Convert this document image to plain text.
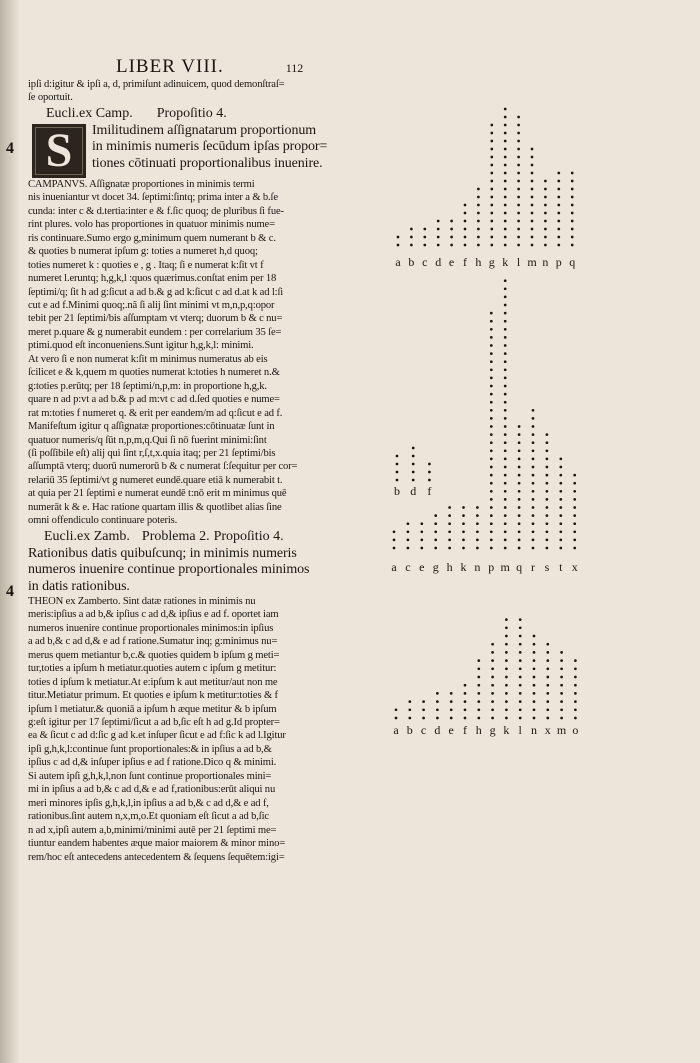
LIBER VIII.	112
ipſi d:igitur & ipſi a, d, primiſunt adinuicem, quod demonſtraſ=
ſe oportuit.
Eucli.ex Camp. Propoſitio 4.
S	Imilitudinem aſſignatarum proportionum
in minimis numeris ſecūdum ipſas propor=
tiones cōtinuati proportionalibus inuenire.
CAMPANVS. Aſſignatæ proportiones in minimis termi
nis inueniantur vt docet 34. ſeptimi:ſintq; prima inter a & b.ſe
cunda: inter c & d.tertia:inter e & f.ſic quoq; de pluribus ſi fue-
rint plures. volo has proportiones in quatuor minimis nume=
ris continuare.Sumo ergo g,minimum quem numerant b & c.
& quoties b numerat ipſum g: toties a numeret h,d quoq;
toties numeret k : quoties e , g . Itaq; ſi e numerat k:ſit vt f
numeret l.eruntq; h,g,k,l :quos quærimus.conſtat enim per 18
ſeptimi/q; ſit h ad g:ſicut a ad b.& g ad k:ſicut c ad d.at k ad l:ſi
cut e ad f.Minimi quoq;.nã ſi alij ſint minimi vt m,n,p,q:opor
tebit per 21 ſeptimi/bis aſſumptam vt vterq; duorum b & c nu=
meret p.quare & g numerabit eundem : per correlarium 35 ſe=
ptimi.quod eſt inconueniens.Sunt igitur h,g,k,l: minimi.
At vero ſi e non numerat k:ſit m minimus numeratus ab eis
ſcilicet e & k,quem m quoties numerat k:toties h numeret n.&
g:toties p.erūtq; per 18 ſeptimi/n,p,m: in proportione h,g,k.
quare n ad p:vt a ad b.& p ad m:vt c ad d.ſed quoties e nume=
rat m:toties f numeret q. & erit per eandem/m ad q:ſicut e ad f.
Manifeſtum igitur q aſſignatæ proportiones:cōtinuatæ ſunt in
quatuor numeris/q ſūt n,p,m,q.Qui ſi nō fuerint minimi:ſint
(ſi poſſibile eſt) alij qui ſint r,ſ,t,x.quia itaq; per 21 ſeptimi/bis
aſſumptā vterq; duorū numerorū b & c numerat ſ:ſequitur per cor=
relariū 35 ſeptimi/vt g numeret eundē.quare etiā k numerabit t.
at quia per 21 ſeptimi e numerat eundē t:nō erit m minimus quē
numerāt k & e. Hac ratione quartam illis & quotlibet alias ſine
omni offendiculo continuare poteris.
Eucli.ex Zamb. Problema 2. Propoſitio 4.
Rationibus datis quibuſcunq; in minimis numeris
numeros inuenire continue proportionales minimos
in datis rationibus.
THEON ex Zamberto. Sint datæ rationes in minimis nu
meris:ipſius a ad b,& ipſius c ad d,& ipſius e ad f. oportet iam
numeros inuenire continue proportionales minimos:in ipſius
a ad b,& c ad d,& e ad f ratione.Sumatur inq; g:minimus nu=
merus quem metiantur b,c.& quoties quidem b ipſum g meti=
tur,toties a ipſum h metiatur.quoties autem c ipſum g metitur:
toties d ipſum k metiatur.At e:ipſum k aut metitur/aut non me
titur.Metiatur primum. Et quoties e ipſum k metitur:toties & f
ipſum l metiatur.& quoniā a ipſum h æque metitur & b ipſum
g:eſt igitur per 17 ſeptimi/ſicut a ad b,ſic eſt h ad g.Id propter=
ea & ſicut c ad d:ſic g ad k.et inſuper ſicut e ad f:ſic k ad l.Igitur
ipſi g,h,k,l:continue ſunt proportionales:& in ipſius a ad b,&
ipſius c ad d,& inſuper ipſius e ad f ratione.Dico q & minimi.
Si autem ipſi g,h,k,l,non ſunt continue proportionales mini=
mi in ipſius a ad b,& c ad d,& e ad f,rationibus:erūt aliqui nu
meri minores ipſis g,h,k,l,in ipſius a ad b,& c ad d,& e ad f,
rationibus.ſint autem n,x,m,o.Et quoniam eſt ſicut a ad b,ſic
n ad x,ipſi autem a,b,minimi/minimi autē per 21 ſeptimi me=
tiuntur eandem habentes æque maior maiorem & minor mino=
rem/hoc eſt antecedens antecedentem & ſequens ſequētem:igi=
4
4
a b c d e f h g k l m n p q
b d f
a c e g h k n p m q r s t x
a b c d e f h g k l n x m o
